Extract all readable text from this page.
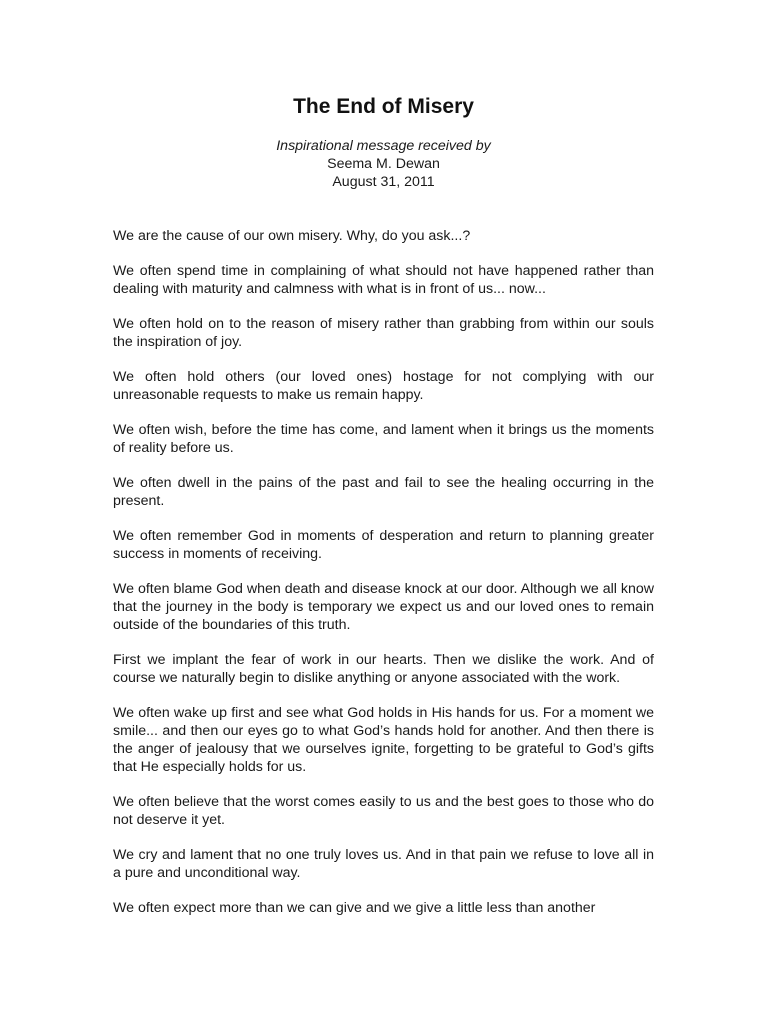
The End of Misery
Inspirational message received by
Seema M. Dewan
August 31, 2011

We are the cause of our own misery. Why, do you ask...?

We often spend time in complaining of what should not have happened rather than dealing with maturity and calmness with what is in front of us... now...

We often hold on to the reason of misery rather than grabbing from within our souls the inspiration of joy.

We often hold others (our loved ones) hostage for not complying with our unreasonable requests to make us remain happy.

We often wish, before the time has come, and lament when it brings us the moments of reality before us.

We often dwell in the pains of the past and fail to see the healing occurring in the present.

We often remember God in moments of desperation and return to planning greater success in moments of receiving.

We often blame God when death and disease knock at our door. Although we all know that the journey in the body is temporary we expect us and our loved ones to remain outside of the boundaries of this truth.

First we implant the fear of work in our hearts. Then we dislike the work. And of course we naturally begin to dislike anything or anyone associated with the work.

We often wake up first and see what God holds in His hands for us. For a moment we smile... and then our eyes go to what God’s hands hold for another. And then there is the anger of jealousy that we ourselves ignite, forgetting to be grateful to God’s gifts that He especially holds for us.

We often believe that the worst comes easily to us and the best goes to those who do not deserve it yet.

We cry and lament that no one truly loves us. And in that pain we refuse to love all in a pure and unconditional way.

We often expect more than we can give and we give a little less than another
